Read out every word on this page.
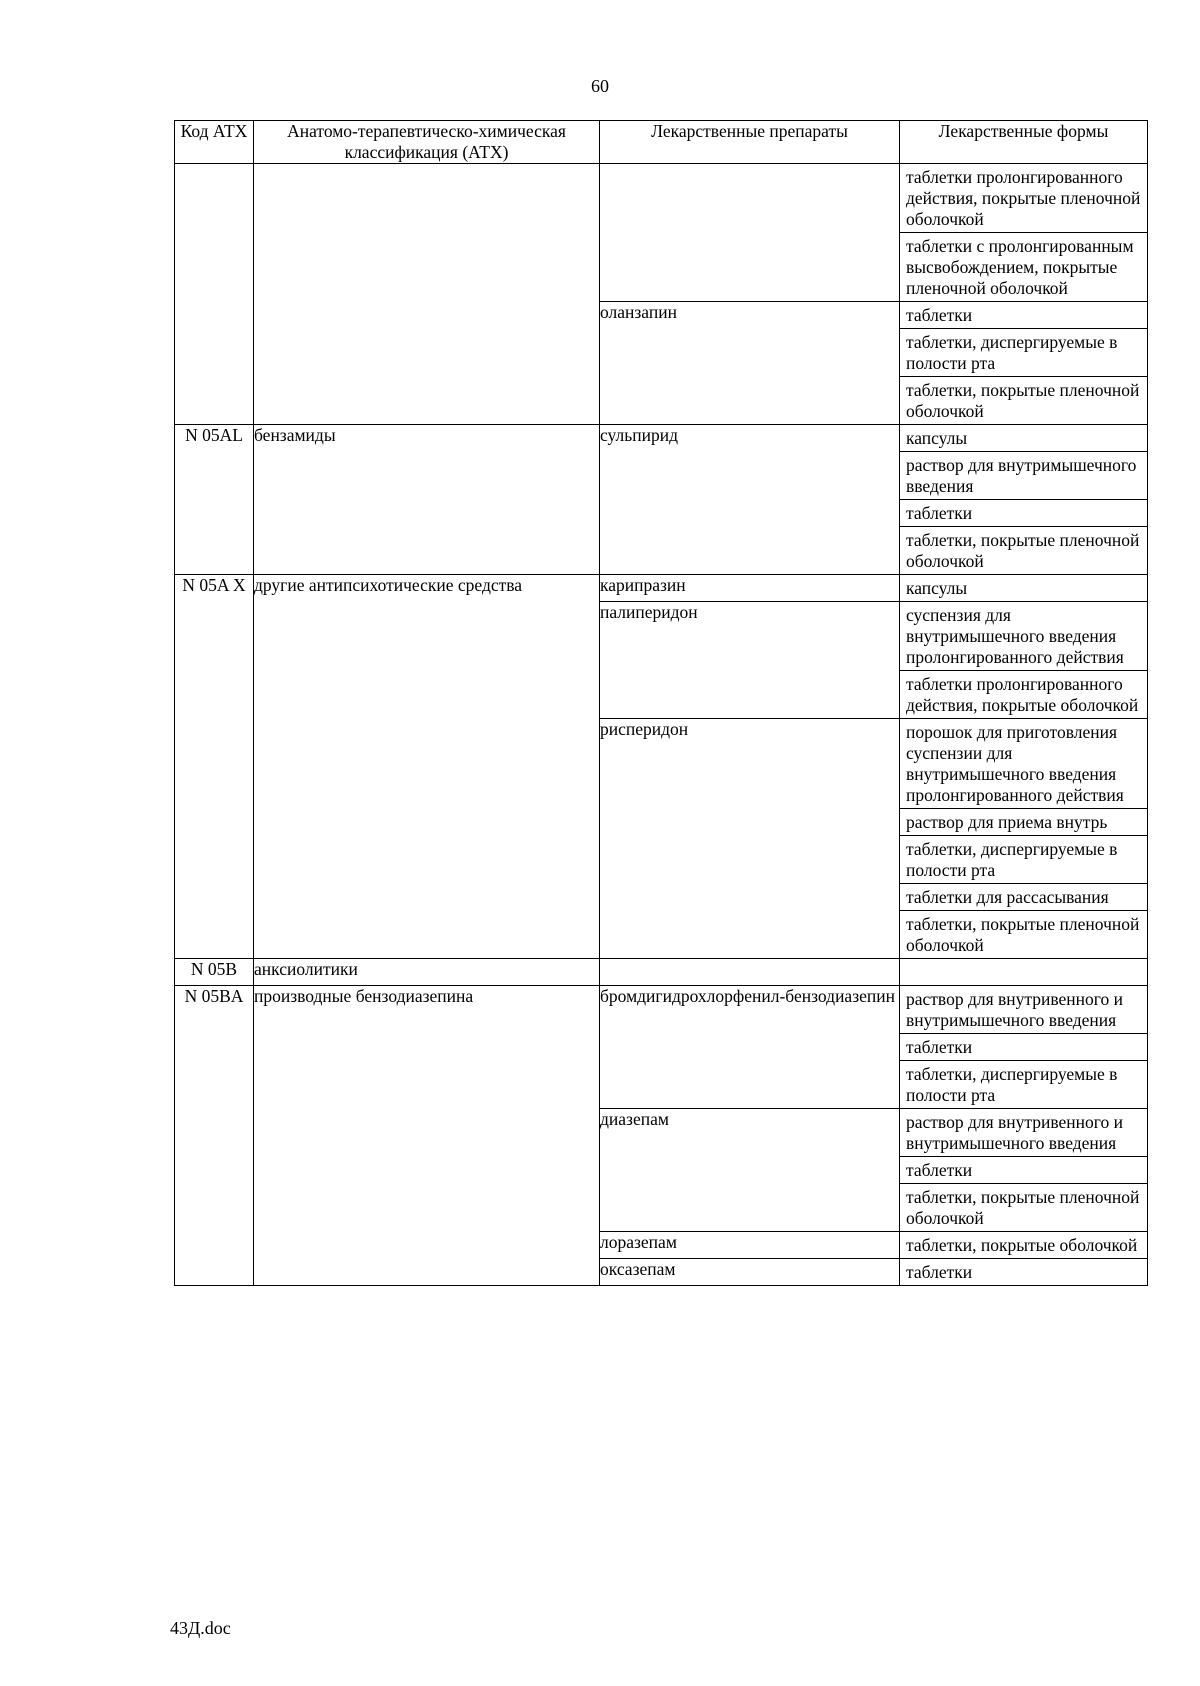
60
Код АТХ	Анатомо-терапевтическо-химическая классификация (АТХ)	Лекарственные препараты	Лекарственные формы

			таблетки пролонгированного действия, покрытые пленочной оболочкой
таблетки с пролонгированным высвобождением, покрытые пленочной оболочкой

		оланзапин	таблетки
таблетки, диспергируемые в полости рта
таблетки, покрытые пленочной оболочкой

N 05AL	бензамиды	сульпирид	капсулы
раствор для внутримышечного введения
таблетки
таблетки, покрытые пленочной оболочкой

N 05A X	другие антипсихотические средства	карипразин	капсулы

		палиперидон	суспензия для внутримышечного введения пролонгированного действия
таблетки пролонгированного действия, покрытые оболочкой

		рисперидон	порошок для приготовления суспензии для внутримышечного введения пролонгированного действия
раствор для приема внутрь
таблетки, диспергируемые в полости рта
таблетки для рассасывания
таблетки, покрытые пленочной оболочкой

N 05B	анксиолитики		

N 05BA	производные бензодиазепина	бромдигидрохлорфенил-бензодиазепин	раствор для внутривенного и внутримышечного введения
таблетки
таблетки, диспергируемые в полости рта

		диазепам	раствор для внутривенного и внутримышечного введения
таблетки
таблетки, покрытые пленочной оболочкой

		лоразепам	таблетки, покрытые оболочкой

		оксазепам	таблетки
43Д.doc
